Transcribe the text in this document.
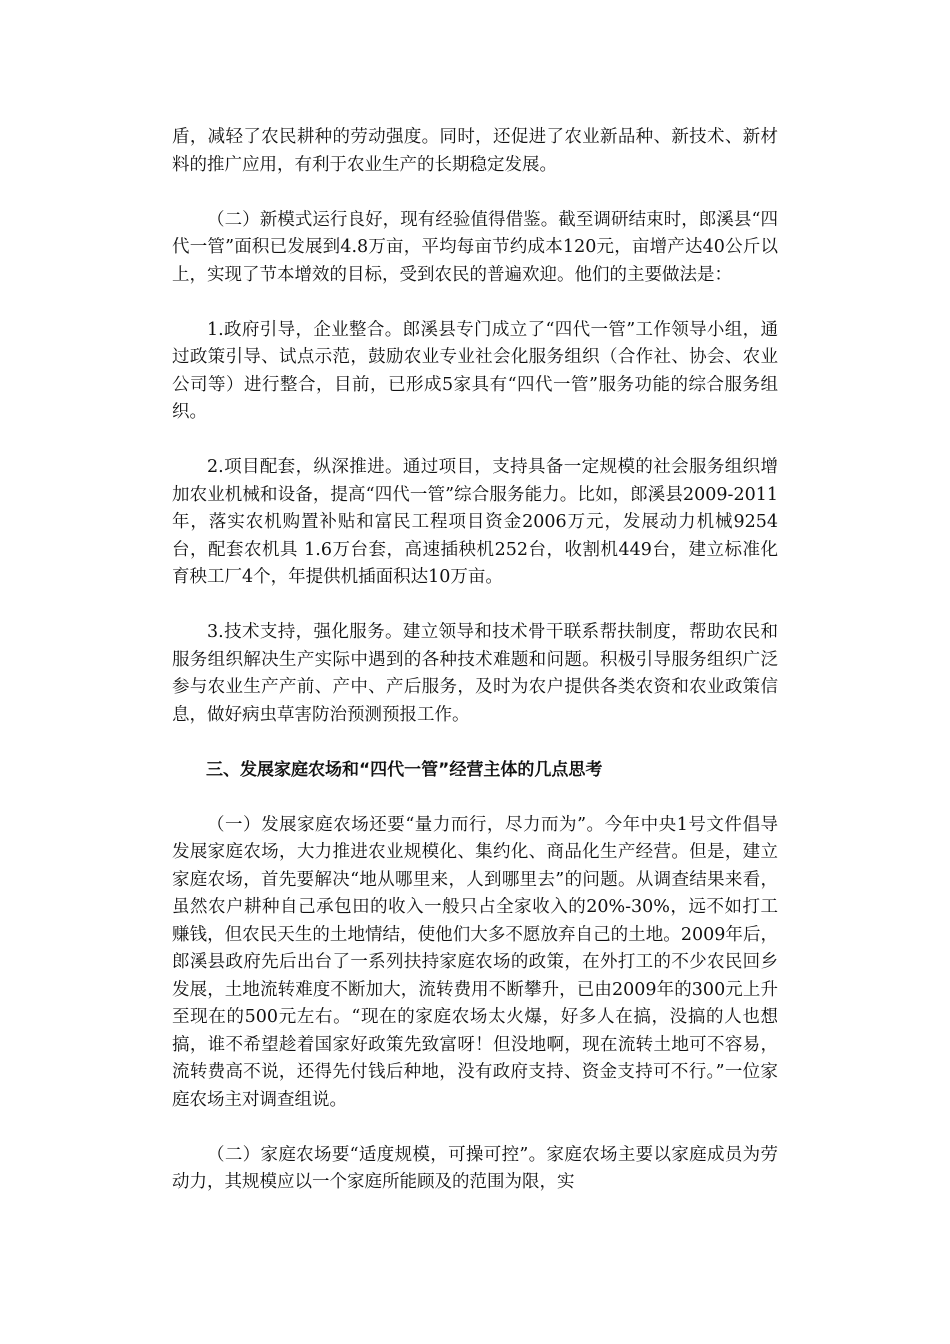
盾，减轻了农民耕种的劳动强度。同时，还促进了农业新品种、新技术、新材料的推广应用，有利于农业生产的长期稳定发展。

（二）新模式运行良好，现有经验值得借鉴。截至调研结束时，郎溪县“四代一管”面积已发展到4.8万亩，平均每亩节约成本120元，亩增产达40公斤以上，实现了节本增效的目标，受到农民的普遍欢迎。他们的主要做法是：

1.政府引导，企业整合。郎溪县专门成立了“四代一管”工作领导小组，通过政策引导、试点示范，鼓励农业专业社会化服务组织（合作社、协会、农业公司等）进行整合，目前，已形成5家具有“四代一管”服务功能的综合服务组织。

2.项目配套，纵深推进。通过项目，支持具备一定规模的社会服务组织增加农业机械和设备，提高“四代一管”综合服务能力。比如，郎溪县2009-2011年，落实农机购置补贴和富民工程项目资金2006万元，发展动力机械9254台，配套农机具 1.6万台套，高速插秧机252台，收割机449台，建立标准化育秧工厂4个，年提供机插面积达10万亩。

3.技术支持，强化服务。建立领导和技术骨干联系帮扶制度，帮助农民和服务组织解决生产实际中遇到的各种技术难题和问题。积极引导服务组织广泛参与农业生产产前、产中、产后服务，及时为农户提供各类农资和农业政策信息，做好病虫草害防治预测预报工作。

三、发展家庭农场和“四代一管”经营主体的几点思考

（一）发展家庭农场还要“量力而行，尽力而为”。今年中央1号文件倡导发展家庭农场，大力推进农业规模化、集约化、商品化生产经营。但是，建立家庭农场，首先要解决“地从哪里来，人到哪里去”的问题。从调查结果来看，虽然农户耕种自己承包田的收入一般只占全家收入的20%-30%，远不如打工赚钱，但农民天生的土地情结，使他们大多不愿放弃自己的土地。2009年后，郎溪县政府先后出台了一系列扶持家庭农场的政策，在外打工的不少农民回乡发展，土地流转难度不断加大，流转费用不断攀升，已由2009年的300元上升至现在的500元左右。“现在的家庭农场太火爆，好多人在搞，没搞的人也想搞，谁不希望趁着国家好政策先致富呀！但没地啊，现在流转土地可不容易，流转费高不说，还得先付钱后种地，没有政府支持、资金支持可不行。”一位家庭农场主对调查组说。

（二）家庭农场要“适度规模，可操可控”。家庭农场主要以家庭成员为劳动力，其规模应以一个家庭所能顾及的范围为限，实
